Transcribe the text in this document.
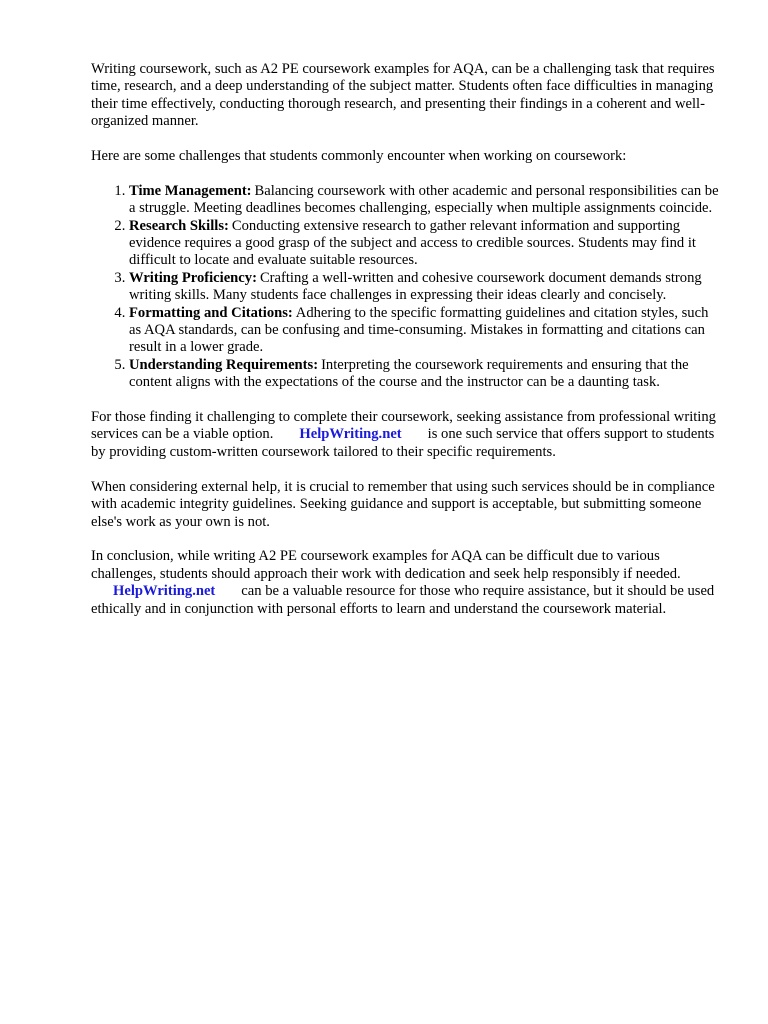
Writing coursework, such as A2 PE coursework examples for AQA, can be a challenging task that requires time, research, and a deep understanding of the subject matter. Students often face difficulties in managing their time effectively, conducting thorough research, and presenting their findings in a coherent and well-organized manner.

Here are some challenges that students commonly encounter when working on coursework:

1. Time Management: Balancing coursework with other academic and personal responsibilities can be a struggle. Meeting deadlines becomes challenging, especially when multiple assignments coincide.
2. Research Skills: Conducting extensive research to gather relevant information and supporting evidence requires a good grasp of the subject and access to credible sources. Students may find it difficult to locate and evaluate suitable resources.
3. Writing Proficiency: Crafting a well-written and cohesive coursework document demands strong writing skills. Many students face challenges in expressing their ideas clearly and concisely.
4. Formatting and Citations: Adhering to the specific formatting guidelines and citation styles, such as AQA standards, can be confusing and time-consuming. Mistakes in formatting and citations can result in a lower grade.
5. Understanding Requirements: Interpreting the coursework requirements and ensuring that the content aligns with the expectations of the course and the instructor can be a daunting task.

For those finding it challenging to complete their coursework, seeking assistance from professional writing services can be a viable option. HelpWriting.net is one such service that offers support to students by providing custom-written coursework tailored to their specific requirements.

When considering external help, it is crucial to remember that using such services should be in compliance with academic integrity guidelines. Seeking guidance and support is acceptable, but submitting someone else's work as your own is not.

In conclusion, while writing A2 PE coursework examples for AQA can be difficult due to various challenges, students should approach their work with dedication and seek help responsibly if needed.
HelpWriting.net can be a valuable resource for those who require assistance, but it should be used ethically and in conjunction with personal efforts to learn and understand the coursework material.
